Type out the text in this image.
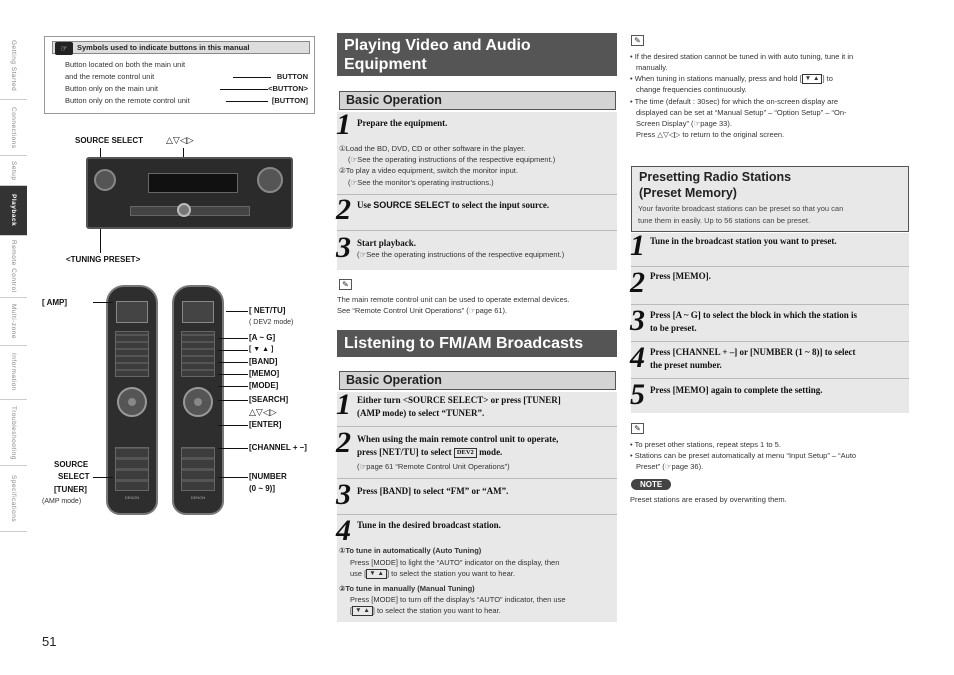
Getting Started
Connections
Setup
Playback
Remote Control
Multi-zone
Information
Troubleshooting
Specifications
☞	Symbols used to indicate buttons in this manual
Button located on both the main unit
and the remote control unit	BUTTON
Button only on the main unit	<BUTTON>
Button only on the remote control unit	[BUTTON]
SOURCE SELECT	△▽◁▷
<TUNING PRESET>
DENON	DENON
[ AMP]
[ NET/TU]
( DEV2 mode)
[A ~ G]
[ ▼ ▲ ]
[BAND]
[MEMO]
[MODE]
[SEARCH]
△▽◁▷
[ENTER]
[CHANNEL + –]
[NUMBER
(0 ~ 9)]
SOURCE
SELECT
[TUNER]
(AMP mode)
Playing Video and Audio
Equipment
Basic Operation
1 Prepare the equipment.
①Load the BD, DVD, CD or other software in the player.
(☞See the operating instructions of the respective equipment.)
②To play a video equipment, switch the monitor input.
(☞See the monitor’s operating instructions.)
2 Use SOURCE SELECT to select the input source.
3 Start playback.
(☞See the operating instructions of the respective equipment.)
✎
The main remote control unit can be used to operate external devices.
See “Remote Control Unit Operations” (☞page 61).
Listening to FM/AM Broadcasts
Basic Operation
1 Either turn <SOURCE SELECT> or press [TUNER]
(AMP mode) to select “TUNER”.
2 When using the main remote control unit to operate,
press [NET/TU] to select DEV2 mode.
(☞page 61 “Remote Control Unit Operations”)
3 Press [BAND] to select “FM” or “AM”.
4 Tune in the desired broadcast station.
①To tune in automatically (Auto Tuning)
Press [MODE] to light the “AUTO” indicator on the display, then
use [ ▼ ▲ ] to select the station you want to hear.
②To tune in manually (Manual Tuning)
Press [MODE] to turn off the display’s “AUTO” indicator, then use
[ ▼ ▲ ] to select the station you want to hear.
✎
• If the desired station cannot be tuned in with auto tuning, tune it in
manually.
• When tuning in stations manually, press and hold [ ▼ ▲ ] to
change frequencies continuously.
• The time (default : 30sec) for which the on-screen display are
displayed can be set at “Manual Setup” – “Option Setup” – “On-
Screen Display” (☞page 33).
Press △▽◁▷ to return to the original screen.
Presetting Radio Stations
(Preset Memory)
Your favorite broadcast stations can be preset so that you can
tune them in easily. Up to 56 stations can be preset.
1 Tune in the broadcast station you want to preset.
2 Press [MEMO].
3 Press [A ~ G] to select the block in which the station is
to be preset.
4 Press [CHANNEL + –] or [NUMBER (1 ~ 8)] to select
the preset number.
5 Press [MEMO] again to complete the setting.
✎
• To preset other stations, repeat steps 1 to 5.
• Stations can be preset automatically at menu “Input Setup” – “Auto
Preset” (☞page 36).
NOTE
Preset stations are erased by overwriting them.
51
